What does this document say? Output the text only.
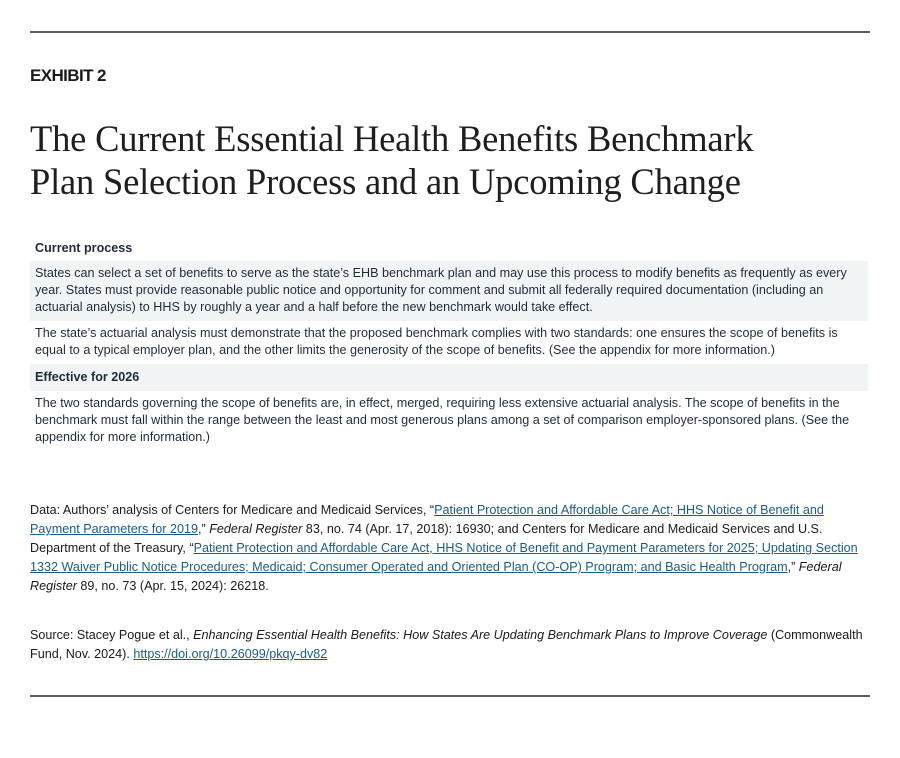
EXHIBIT 2
The Current Essential Health Benefits Benchmark
Plan Selection Process and an Upcoming Change
Current process
States can select a set of benefits to serve as the state’s EHB benchmark plan and may use this process to modify benefits as frequently as every year. States must provide reasonable public notice and opportunity for comment and submit all federally required documentation (including an actuarial analysis) to HHS by roughly a year and a half before the new benchmark would take effect.
The state’s actuarial analysis must demonstrate that the proposed benchmark complies with two standards: one ensures the scope of benefits is equal to a typical employer plan, and the other limits the generosity of the scope of benefits. (See the appendix for more information.)
Effective for 2026
The two standards governing the scope of benefits are, in effect, merged, requiring less extensive actuarial analysis. The scope of benefits in the benchmark must fall within the range between the least and most generous plans among a set of comparison employer-sponsored plans. (See the appendix for more information.)
Data: Authors’ analysis of Centers for Medicare and Medicaid Services, “Patient Protection and Affordable Care Act; HHS Notice of Benefit and Payment Parameters for 2019,” Federal Register 83, no. 74 (Apr. 17, 2018): 16930; and Centers for Medicare and Medicaid Services and U.S. Department of the Treasury, “Patient Protection and Affordable Care Act, HHS Notice of Benefit and Payment Parameters for 2025; Updating Section 1332 Waiver Public Notice Procedures; Medicaid; Consumer Operated and Oriented Plan (CO-OP) Program; and Basic Health Program,” Federal Register 89, no. 73 (Apr. 15, 2024): 26218.
Source: Stacey Pogue et al., Enhancing Essential Health Benefits: How States Are Updating Benchmark Plans to Improve Coverage (Commonwealth Fund, Nov. 2024). https://doi.org/10.26099/pkqy-dv82
